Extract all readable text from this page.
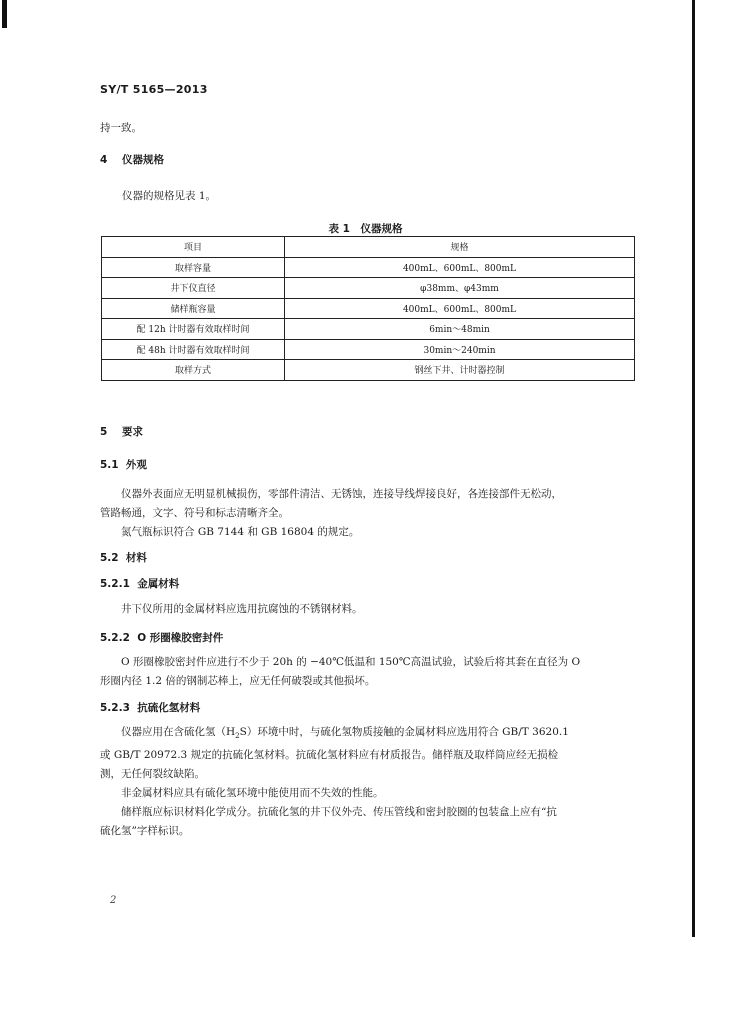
SY/T 5165—2013
持一致。
4 仪器规格
仪器的规格见表 1。
表 1　仪器规格
项目	规格
取样容量	400mL、600mL、800mL
井下仪直径	φ38mm、φ43mm
储样瓶容量	400mL、600mL、800mL
配 12h 计时器有效取样时间	6min～48min
配 48h 计时器有效取样时间	30min～240min
取样方式	钢丝下井、计时器控制
5 要求
5.1 外观
仪器外表面应无明显机械损伤，零部件清洁、无锈蚀，连接导线焊接良好，各连接部件无松动，
管路畅通，文字、符号和标志清晰齐全。
氮气瓶标识符合 GB 7144 和 GB 16804 的规定。
5.2 材料
5.2.1 金属材料
井下仪所用的金属材料应选用抗腐蚀的不锈钢材料。
5.2.2 O 形圈橡胶密封件
O 形圈橡胶密封件应进行不少于 20h 的 −40℃低温和 150℃高温试验，试验后将其套在直径为 O
形圈内径 1.2 倍的钢制芯棒上，应无任何破裂或其他损坏。
5.2.3 抗硫化氢材料
仪器应用在含硫化氢$(H_2S)$环境中时，与硫化氢物质接触的金属材料应选用符合 GB/T 3620.1
或 GB/T 20972.3 规定的抗硫化氢材料。抗硫化氢材料应有材质报告。储样瓶及取样筒应经无损检
测，无任何裂纹缺陷。
非金属材料应具有硫化氢环境中能使用而不失效的性能。
储样瓶应标识材料化学成分。抗硫化氢的井下仪外壳、传压管线和密封胶圈的包装盒上应有“抗
硫化氢”字样标识。
2
